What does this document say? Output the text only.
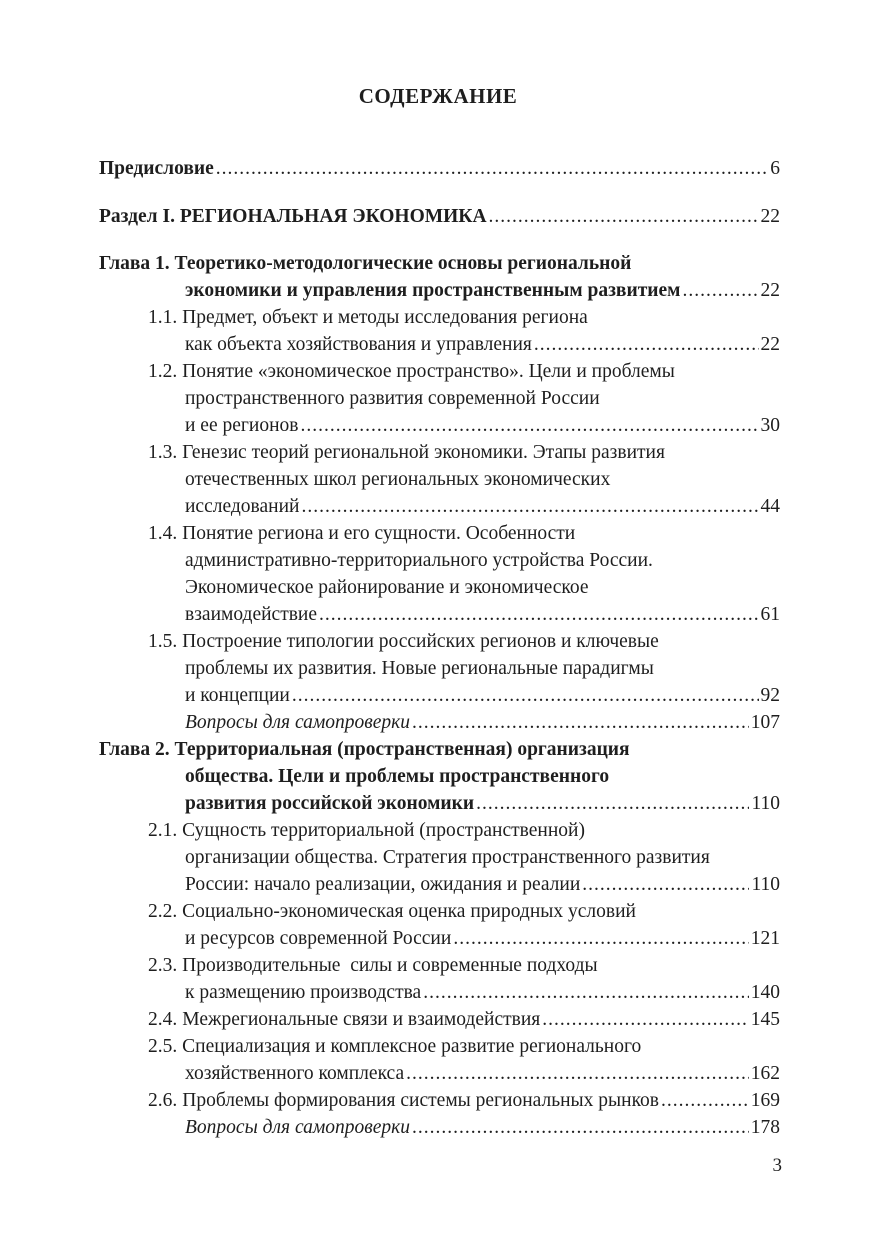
СОДЕРЖАНИЕ
Предисловие .....	6
Раздел I. РЕГИОНАЛЬНАЯ ЭКОНОМИКА .....	22
Глава 1. Теоретико-методологические основы региональной
экономики и управления пространственным развитием .....	22
1.1. Предмет, объект и методы исследования региона
как объекта хозяйствования и управления .....	22
1.2. Понятие «экономическое пространство». Цели и проблемы
пространственного развития современной России
и ее регионов .....	30
1.3. Генезис теорий региональной экономики. Этапы развития
отечественных школ региональных экономических
исследований .....	44
1.4. Понятие региона и его сущности. Особенности
административно-территориального устройства России.
Экономическое районирование и экономическое
взаимодействие .....	61
1.5. Построение типологии российских регионов и ключевые
проблемы их развития. Новые региональные парадигмы
и концепции .....	92
Вопросы для самопроверки .....	107
Глава 2. Территориальная (пространственная) организация
общества. Цели и проблемы пространственного
развития российской экономики .....	110
2.1. Сущность территориальной (пространственной)
организации общества. Стратегия пространственного развития
России: начало реализации, ожидания и реалии .....	110
2.2. Социально-экономическая оценка природных условий
и ресурсов современной России .....	121
2.3. Производительные  силы и современные подходы
к размещению производства .....	140
2.4. Межрегиональные связи и взаимодействия .....	145
2.5. Специализация и комплексное развитие регионального
хозяйственного комплекса .....	162
2.6. Проблемы формирования системы региональных рынков .....	169
Вопросы для самопроверки .....	178
3
